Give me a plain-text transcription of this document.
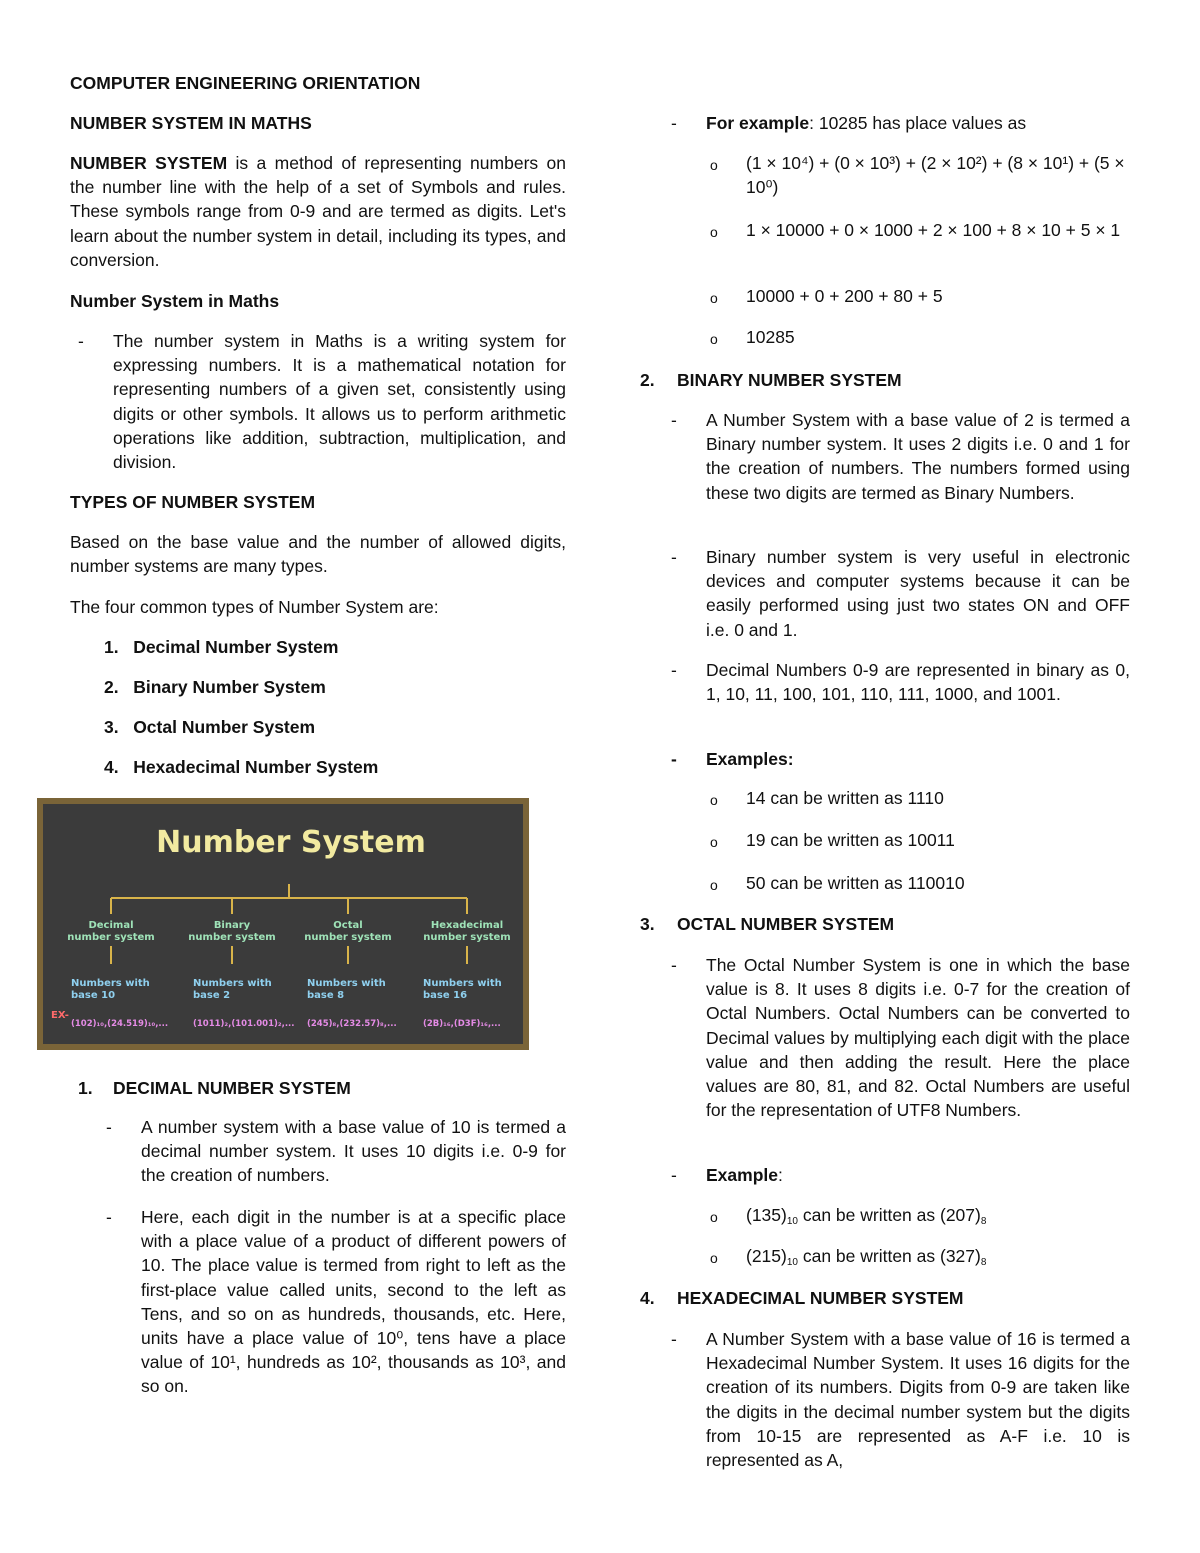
COMPUTER ENGINEERING ORIENTATION
NUMBER SYSTEM IN MATHS
NUMBER SYSTEM is a method of representing numbers on the number line with the help of a set of Symbols and rules. These symbols range from 0-9 and are termed as digits. Let's learn about the number system in detail, including its types, and conversion.
Number System in Maths
- The number system in Maths is a writing system for expressing numbers. It is a mathematical notation for representing numbers of a given set, consistently using digits or other symbols. It allows us to perform arithmetic operations like addition, subtraction, multiplication, and division.
TYPES OF NUMBER SYSTEM
Based on the base value and the number of allowed digits, number systems are many types.
The four common types of Number System are:
1.   Decimal Number System
2.   Binary Number System
3.   Octal Number System
4.   Hexadecimal Number System
1. DECIMAL NUMBER SYSTEM
- A number system with a base value of 10 is termed a decimal number system. It uses 10 digits i.e. 0-9 for the creation of numbers.
- Here, each digit in the number is at a specific place with a place value of a product of different powers of 10. The place value is termed from right to left as the first-place value called units, second to the left as Tens, and so on as hundreds, thousands, etc. Here, units have a place value of 10⁰, tens have a place value of 10¹, hundreds as 10², thousands as 10³, and so on.
Number System
Decimal
number system
Binary
number system
Octal
number system
Hexadecimal
number system
Numbers with
base 10
Numbers with
base 2
Numbers with
base 8
Numbers with
base 16
EX-
(102)₁₀,(24.519)₁₀,...	(1011)₂,(101.001)₂,... (245)₈,(232.57)₈,...	(2B)₁₆,(D3F)₁₆,...
- For example: 10285 has place values as
o (1 × 10⁴) + (0 × 10³) + (2 × 10²) + (8 × 10¹) + (5 × 10⁰)
o 1 × 10000 + 0 × 1000 + 2 × 100 + 8 × 10 + 5 × 1
o 10000 + 0 + 200 + 80 + 5
o 10285
2. BINARY NUMBER SYSTEM
- A Number System with a base value of 2 is termed a Binary number system. It uses 2 digits i.e. 0 and 1 for the creation of numbers. The numbers formed using these two digits are termed as Binary Numbers.
- Binary number system is very useful in electronic devices and computer systems because it can be easily performed using just two states ON and OFF i.e. 0 and 1.
- Decimal Numbers 0-9 are represented in binary as 0, 1, 10, 11, 100, 101, 110, 111, 1000, and 1001.
- Examples:
o 14 can be written as 1110
o 19 can be written as 10011
o 50 can be written as 110010
3. OCTAL NUMBER SYSTEM
- The Octal Number System is one in which the base value is 8. It uses 8 digits i.e. 0-7 for the creation of Octal Numbers. Octal Numbers can be converted to Decimal values by multiplying each digit with the place value and then adding the result. Here the place values are 80, 81, and 82. Octal Numbers are useful for the representation of UTF8 Numbers.
- Example:
o $(135)_{10}$ can be written as $(207)_8$
o $(215)_{10}$ can be written as $(327)_8$
4. HEXADECIMAL NUMBER SYSTEM
- A Number System with a base value of 16 is termed a Hexadecimal Number System. It uses 16 digits for the creation of its numbers. Digits from 0-9 are taken like the digits in the decimal number system but the digits from 10-15 are represented as A-F i.e. 10 is represented as A,
